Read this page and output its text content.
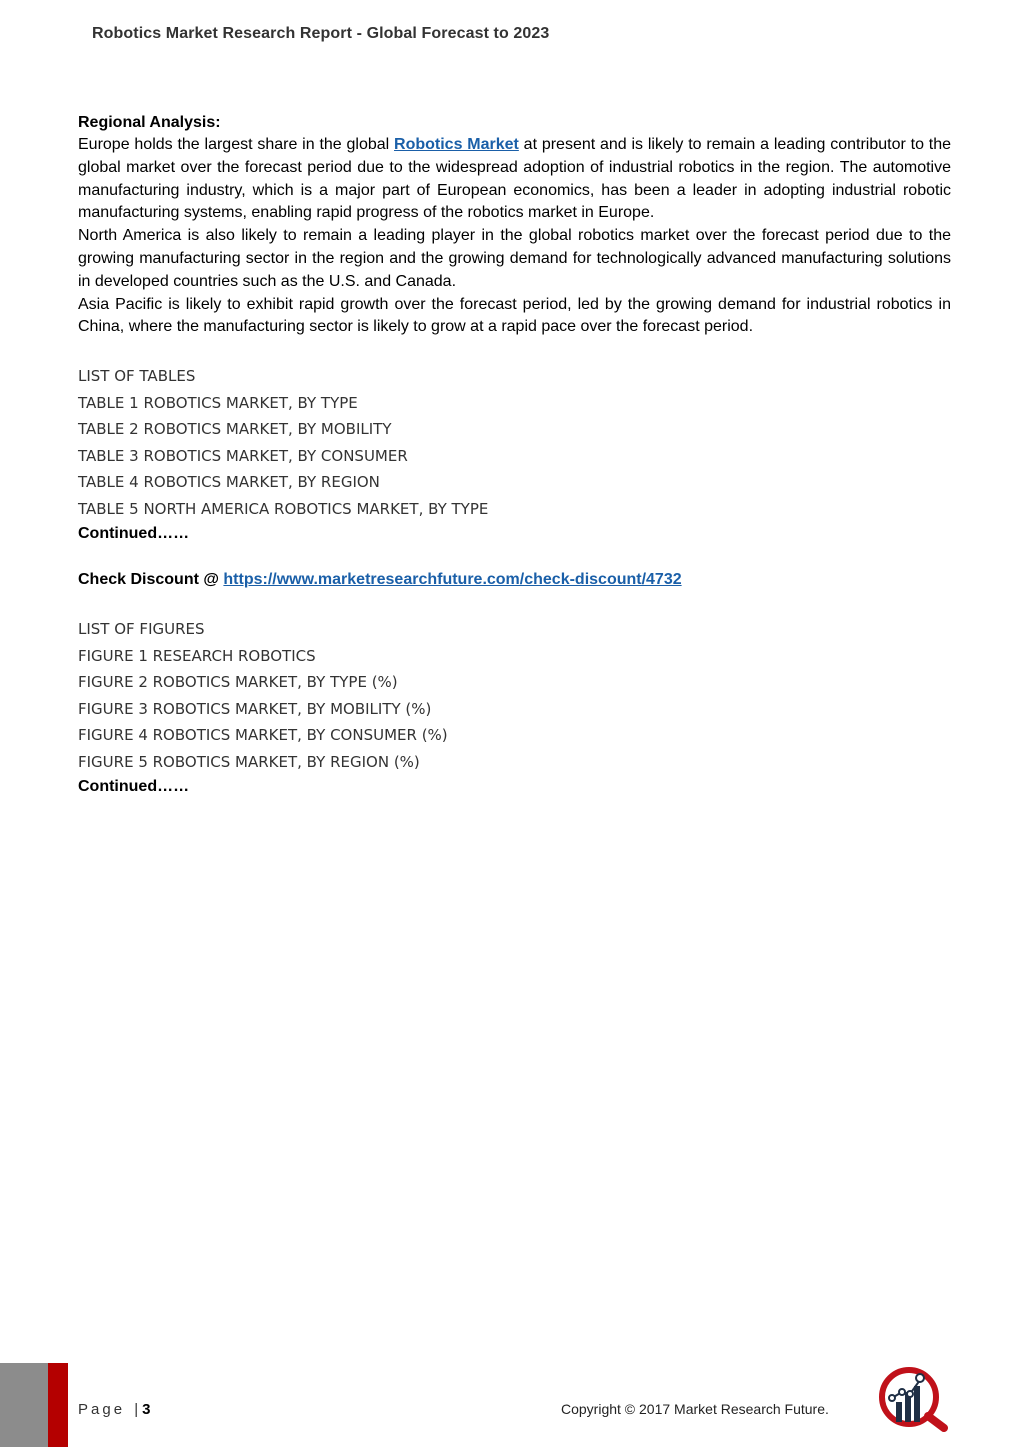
Robotics Market Research Report - Global Forecast to 2023

Regional Analysis:

Europe holds the largest share in the global Robotics Market at present and is likely to remain a leading contributor to the global market over the forecast period due to the widespread adoption of industrial robotics in the region. The automotive manufacturing industry, which is a major part of European economics, has been a leader in adopting industrial robotic manufacturing systems, enabling rapid progress of the robotics market in Europe.

North America is also likely to remain a leading player in the global robotics market over the forecast period due to the growing manufacturing sector in the region and the growing demand for technologically advanced manufacturing solutions in developed countries such as the U.S. and Canada.

Asia Pacific is likely to exhibit rapid growth over the forecast period, led by the growing demand for industrial robotics in China, where the manufacturing sector is likely to grow at a rapid pace over the forecast period.

LIST OF TABLES
TABLE 1 ROBOTICS MARKET, BY TYPE
TABLE 2 ROBOTICS MARKET, BY MOBILITY
TABLE 3 ROBOTICS MARKET, BY CONSUMER
TABLE 4 ROBOTICS MARKET, BY REGION
TABLE 5 NORTH AMERICA ROBOTICS MARKET, BY TYPE
Continued……
Check Discount @ https://www.marketresearchfuture.com/check-discount/4732
LIST OF FIGURES
FIGURE 1 RESEARCH ROBOTICS
FIGURE 2 ROBOTICS MARKET, BY TYPE (%)
FIGURE 3 ROBOTICS MARKET, BY MOBILITY (%)
FIGURE 4 ROBOTICS MARKET, BY CONSUMER (%)
FIGURE 5 ROBOTICS MARKET, BY REGION (%)
Continued……
Page | 3	Copyright © 2017 Market Research Future.
